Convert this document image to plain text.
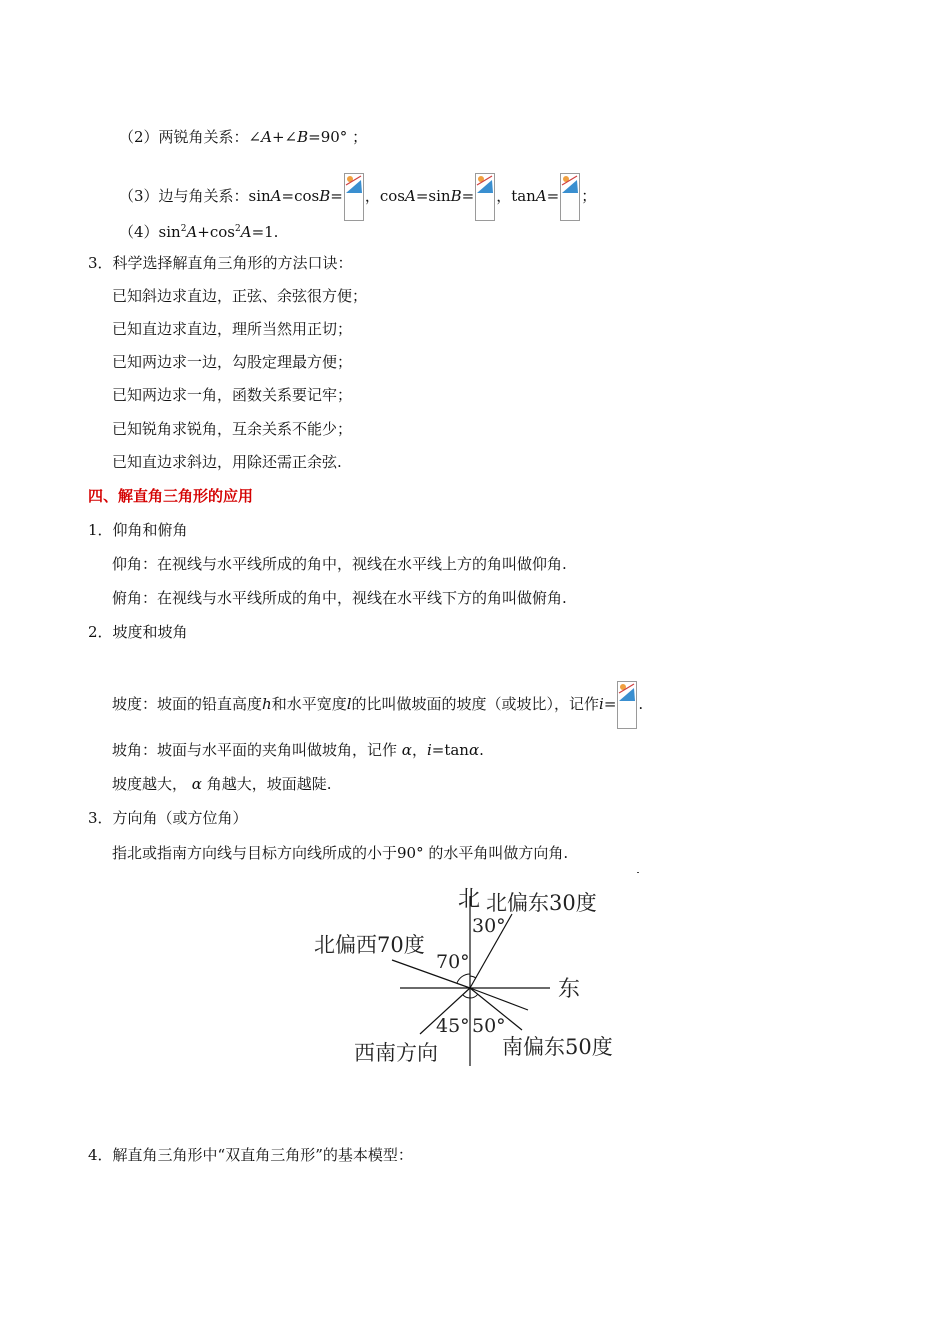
（2）两锐角关系：∠A+∠B=90° ；
（3）边与角关系：sinA=cosB= ，cosA=sinB= ，tanA= ；
$(4)\sin^2A+\cos^2A=1$.
3．科学选择解直角三角形的方法口诀：
已知斜边求直边，正弦、余弦很方便；
已知直边求直边，理所当然用正切；
已知两边求一边，勾股定理最方便；
已知两边求一角，函数关系要记牢；
已知锐角求锐角，互余关系不能少；
已知直边求斜边，用除还需正余弦.
四、解直角三角形的应用
1．仰角和俯角
仰角：在视线与水平线所成的角中，视线在水平线上方的角叫做仰角.
俯角：在视线与水平线所成的角中，视线在水平线下方的角叫做俯角.
2．坡度和坡角
坡度：坡面的铅直高度h和水平宽度l的比叫做坡面的坡度（或坡比），记作i= .
坡角：坡面与水平面的夹角叫做坡角，记作 α，i=tanα.
坡度越大， α 角越大，坡面越陡.
3．方向角（或方位角）
指北或指南方向线与目标方向线所成的小于90° 的水平角叫做方向角.
北 北偏东30度
30°
北偏西70度
70°
东
45° 50°
西南方向	南偏东50度
4．解直角三角形中“双直角三角形”的基本模型：
